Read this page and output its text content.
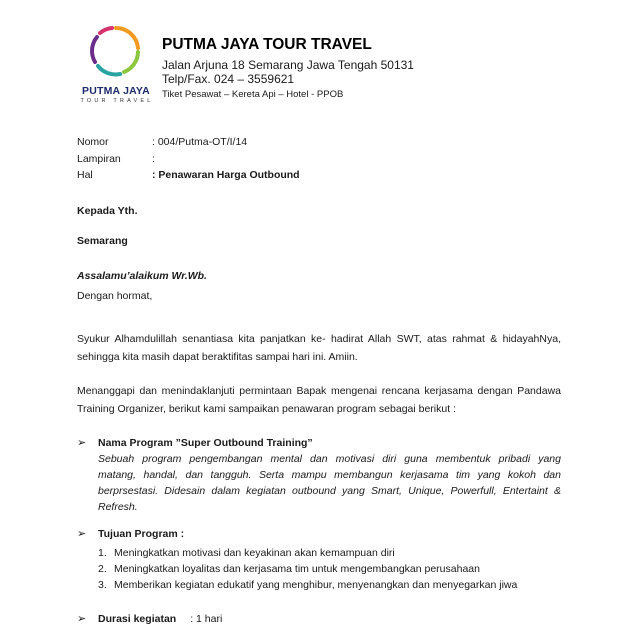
PUTMA JAYA
TOUR TRAVEL
PUTMA JAYA TOUR TRAVEL
Jalan Arjuna 18 Semarang Jawa Tengah 50131
Telp/Fax. 024 – 3559621
Tiket Pesawat – Kereta Api – Hotel - PPOB
Nomor	: 004/Putma-OT/I/14
Lampiran	:
Hal	: Penawaran Harga Outbound
Kepada Yth.
Semarang
Assalamu’alaikum Wr.Wb.
Dengan hormat,
Syukur Alhamdulillah senantiasa kita panjatkan ke- hadirat Allah SWT, atas rahmat & hidayahNya,
sehingga kita masih dapat beraktifitas sampai hari ini. Amiin.
Menanggapi dan menindaklanjuti permintaan Bapak mengenai rencana kerjasama dengan Pandawa
Training Organizer, berikut kami sampaikan penawaran program sebagai berikut :
➢ Nama Program ”Super Outbound Training”
Sebuah program pengembangan mental dan motivasi diri guna membentuk pribadi yang
matang, handal, dan tangguh. Serta mampu membangun kerjasama tim yang kokoh dan
berprsestasi. Didesain dalam kegiatan outbound yang Smart, Unique, Powerfull, Entertaint &
Refresh.
➢ Tujuan Program :
1. Meningkatkan motivasi dan keyakinan akan kemampuan diri
2. Meningkatkan loyalitas dan kerjasama tim untuk mengembangkan perusahaan
3. Memberikan kegiatan edukatif yang menghibur, menyenangkan dan menyegarkan jiwa
➢ Durasi kegiatan : 1 hari
